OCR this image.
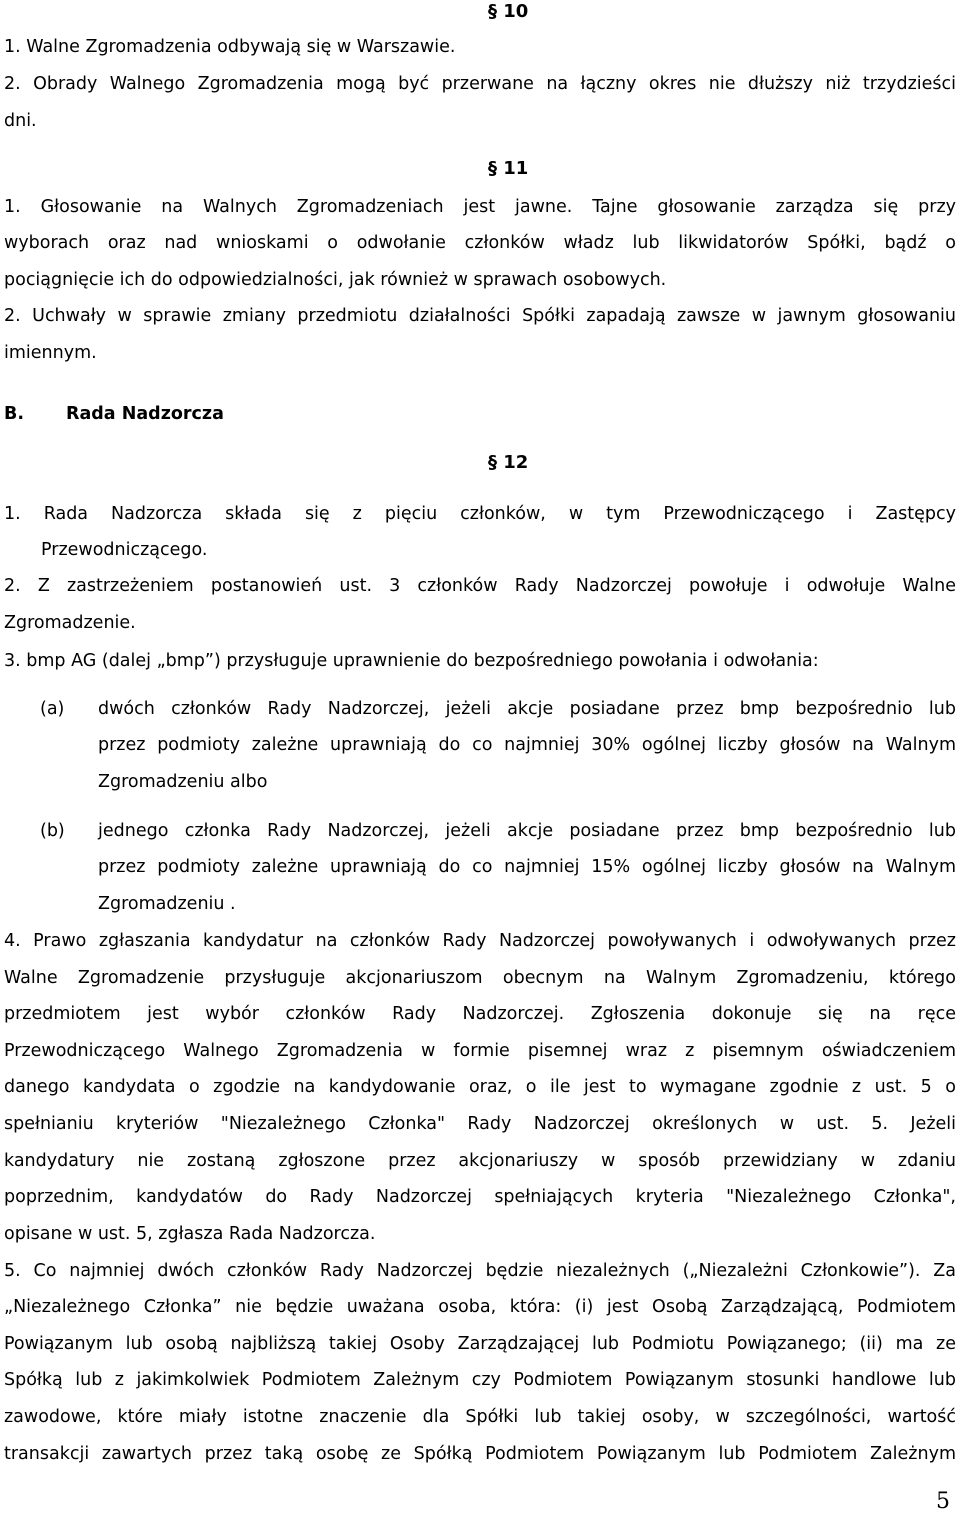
§ 10
1. Walne Zgromadzenia odbywają się w Warszawie.
2. Obrady Walnego Zgromadzenia mogą być przerwane na łączny okres nie dłuższy niż trzydzieści
dni.
§ 11
1. Głosowanie na Walnych Zgromadzeniach jest jawne. Tajne głosowanie zarządza się przy
wyborach oraz nad wnioskami o odwołanie członków władz lub likwidatorów Spółki, bądź o
pociągnięcie ich do odpowiedzialności, jak również w sprawach osobowych.
2. Uchwały w sprawie zmiany przedmiotu działalności Spółki zapadają zawsze w jawnym głosowaniu
imiennym.
B. Rada Nadzorcza
§ 12
1. Rada Nadzorcza składa się z pięciu członków, w tym Przewodniczącego i Zastępcy
Przewodniczącego.
2. Z zastrzeżeniem postanowień ust. 3 członków Rady Nadzorczej powołuje i odwołuje Walne
Zgromadzenie.
3. bmp AG (dalej „bmp”) przysługuje uprawnienie do bezpośredniego powołania i odwołania:
(a) dwóch członków Rady Nadzorczej, jeżeli akcje posiadane przez bmp bezpośrednio lub
przez podmioty zależne uprawniają do co najmniej 30% ogólnej liczby głosów na Walnym
Zgromadzeniu albo
(b) jednego członka Rady Nadzorczej, jeżeli akcje posiadane przez bmp bezpośrednio lub
przez podmioty zależne uprawniają do co najmniej 15% ogólnej liczby głosów na Walnym
Zgromadzeniu .
4. Prawo zgłaszania kandydatur na członków Rady Nadzorczej powoływanych i odwoływanych przez
Walne Zgromadzenie przysługuje akcjonariuszom obecnym na Walnym Zgromadzeniu, którego
przedmiotem jest wybór członków Rady Nadzorczej. Zgłoszenia dokonuje się na ręce
Przewodniczącego Walnego Zgromadzenia w formie pisemnej wraz z pisemnym oświadczeniem
danego kandydata o zgodzie na kandydowanie oraz, o ile jest to wymagane zgodnie z ust. 5 o
spełnianiu kryteriów "Niezależnego Członka" Rady Nadzorczej określonych w ust. 5. Jeżeli
kandydatury nie zostaną zgłoszone przez akcjonariuszy w sposób przewidziany w zdaniu
poprzednim, kandydatów do Rady Nadzorczej spełniających kryteria "Niezależnego Członka",
opisane w ust. 5, zgłasza Rada Nadzorcza.
5. Co najmniej dwóch członków Rady Nadzorczej będzie niezależnych („Niezależni Członkowie”). Za
„Niezależnego Członka” nie będzie uważana osoba, która: (i) jest Osobą Zarządzającą, Podmiotem
Powiązanym lub osobą najbliższą takiej Osoby Zarządzającej lub Podmiotu Powiązanego; (ii) ma ze
Spółką lub z jakimkolwiek Podmiotem Zależnym czy Podmiotem Powiązanym stosunki handlowe lub
zawodowe, które miały istotne znaczenie dla Spółki lub takiej osoby, w szczególności, wartość
transakcji zawartych przez taką osobę ze Spółką Podmiotem Powiązanym lub Podmiotem Zależnym
5
